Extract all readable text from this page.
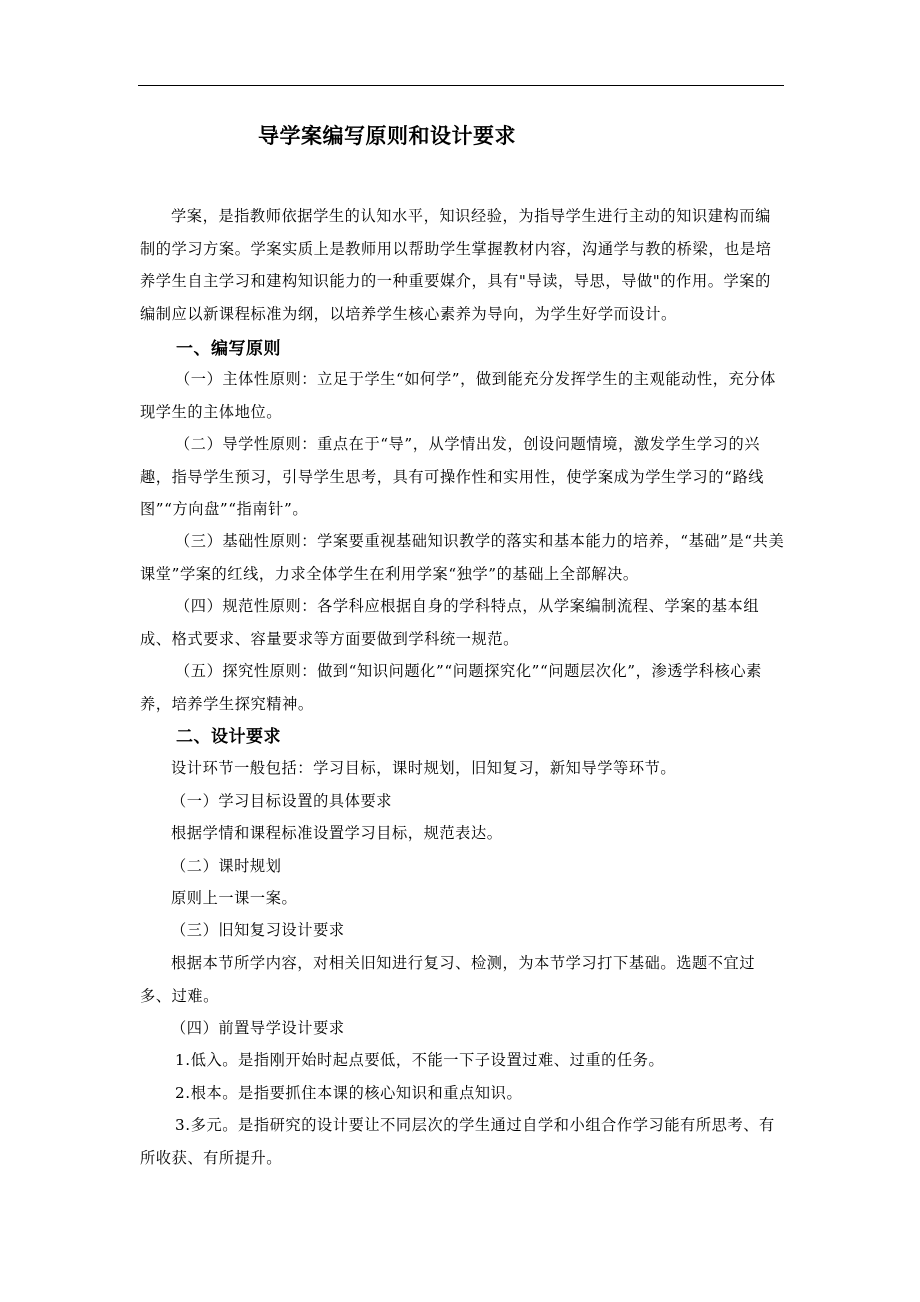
导学案编写原则和设计要求
学案，是指教师依据学生的认知水平，知识经验，为指导学生进行主动的知识建构而编制的学习方案。学案实质上是教师用以帮助学生掌握教材内容，沟通学与教的桥梁，也是培养学生自主学习和建构知识能力的一种重要媒介，具有"导读，导思，导做"的作用。学案的编制应以新课程标准为纲，以培养学生核心素养为导向，为学生好学而设计。
一、编写原则
（一）主体性原则：立足于学生“如何学”，做到能充分发挥学生的主观能动性，充分体现学生的主体地位。
（二）导学性原则：重点在于“导”，从学情出发，创设问题情境，激发学生学习的兴趣，指导学生预习，引导学生思考，具有可操作性和实用性，使学案成为学生学习的“路线图”“方向盘”“指南针”。
（三）基础性原则：学案要重视基础知识教学的落实和基本能力的培养，“基础”是“共美课堂”学案的红线，力求全体学生在利用学案“独学”的基础上全部解决。
（四）规范性原则：各学科应根据自身的学科特点，从学案编制流程、学案的基本组成、格式要求、容量要求等方面要做到学科统一规范。
（五）探究性原则：做到“知识问题化”“问题探究化”“问题层次化”，渗透学科核心素养，培养学生探究精神。
二、设计要求
设计环节一般包括：学习目标，课时规划，旧知复习，新知导学等环节。
（一）学习目标设置的具体要求
根据学情和课程标准设置学习目标，规范表达。
（二）课时规划
原则上一课一案。
（三）旧知复习设计要求
根据本节所学内容，对相关旧知进行复习、检测，为本节学习打下基础。选题不宜过多、过难。
（四）前置导学设计要求
1.低入。是指刚开始时起点要低，不能一下子设置过难、过重的任务。
2.根本。是指要抓住本课的核心知识和重点知识。
3.多元。是指研究的设计要让不同层次的学生通过自学和小组合作学习能有所思考、有所收获、有所提升。
